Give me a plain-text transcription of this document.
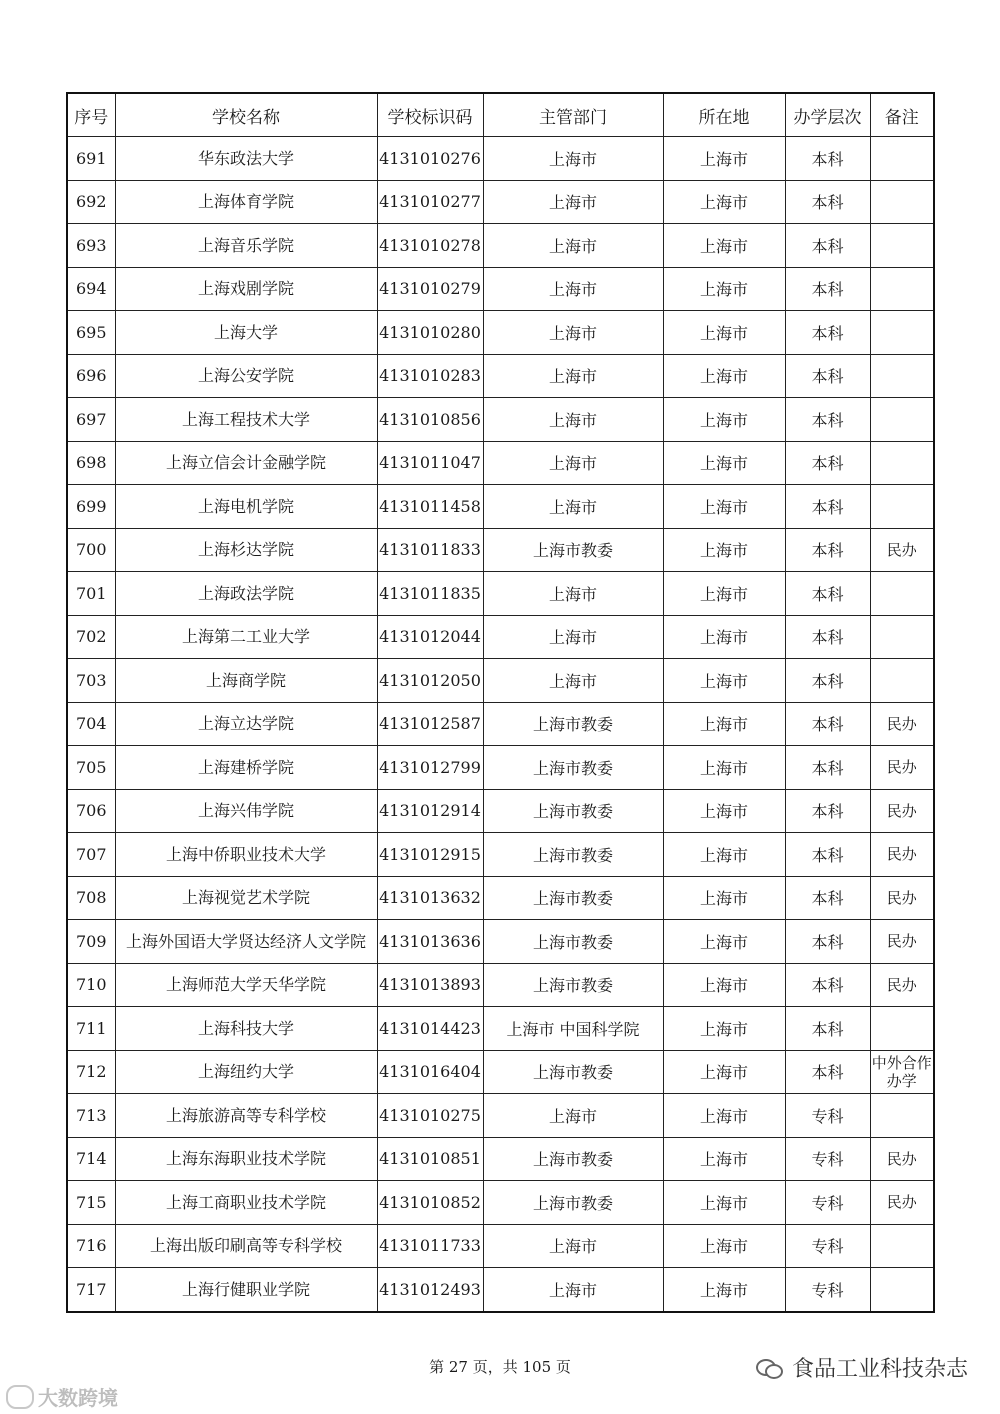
序号	学校名称	学校标识码	主管部门	所在地	办学层次	备注
691	华东政法大学	4131010276	上海市	上海市	本科	
692	上海体育学院	4131010277	上海市	上海市	本科	
693	上海音乐学院	4131010278	上海市	上海市	本科	
694	上海戏剧学院	4131010279	上海市	上海市	本科	
695	上海大学	4131010280	上海市	上海市	本科	
696	上海公安学院	4131010283	上海市	上海市	本科	
697	上海工程技术大学	4131010856	上海市	上海市	本科	
698	上海立信会计金融学院	4131011047	上海市	上海市	本科	
699	上海电机学院	4131011458	上海市	上海市	本科	
700	上海杉达学院	4131011833	上海市教委	上海市	本科	民办
701	上海政法学院	4131011835	上海市	上海市	本科	
702	上海第二工业大学	4131012044	上海市	上海市	本科	
703	上海商学院	4131012050	上海市	上海市	本科	
704	上海立达学院	4131012587	上海市教委	上海市	本科	民办
705	上海建桥学院	4131012799	上海市教委	上海市	本科	民办
706	上海兴伟学院	4131012914	上海市教委	上海市	本科	民办
707	上海中侨职业技术大学	4131012915	上海市教委	上海市	本科	民办
708	上海视觉艺术学院	4131013632	上海市教委	上海市	本科	民办
709	上海外国语大学贤达经济人文学院	4131013636	上海市教委	上海市	本科	民办
710	上海师范大学天华学院	4131013893	上海市教委	上海市	本科	民办
711	上海科技大学	4131014423	上海市 中国科学院	上海市	本科	
712	上海纽约大学	4131016404	上海市教委	上海市	本科	中外合作办学
713	上海旅游高等专科学校	4131010275	上海市	上海市	专科	
714	上海东海职业技术学院	4131010851	上海市教委	上海市	专科	民办
715	上海工商职业技术学院	4131010852	上海市教委	上海市	专科	民办
716	上海出版印刷高等专科学校	4131011733	上海市	上海市	专科	
717	上海行健职业学院	4131012493	上海市	上海市	专科	
第 27 页，共 105 页	食品工业科技杂志
大数跨境
